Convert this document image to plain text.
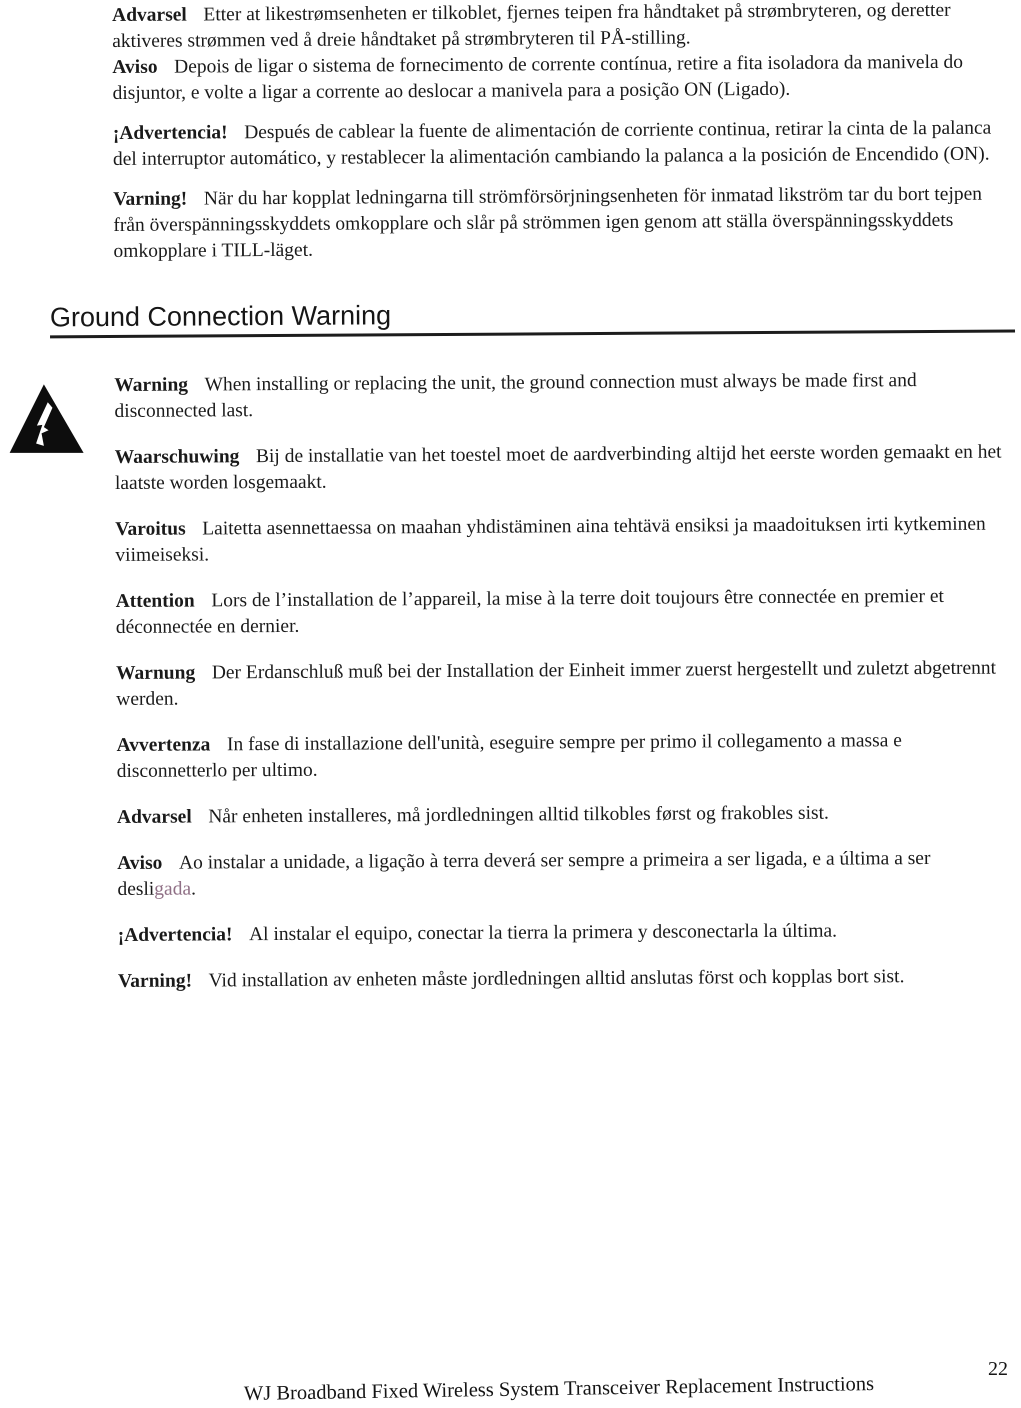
Advarsel Etter at likestrømsenheten er tilkoblet, fjernes teipen fra håndtaket på strømbryteren, og deretter aktiveres strømmen ved å dreie håndtaket på strømbryteren til PÅ-stilling.

Aviso Depois de ligar o sistema de fornecimento de corrente contínua, retire a fita isoladora da manivela do disjuntor, e volte a ligar a corrente ao deslocar a manivela para a posição ON (Ligado).

¡Advertencia! Después de cablear la fuente de alimentación de corriente continua, retirar la cinta de la palanca del interruptor automático, y restablecer la alimentación cambiando la palanca a la posición de Encendido (ON).

Varning! När du har kopplat ledningarna till strömförsörjningsenheten för inmatad likström tar du bort tejpen från överspänningsskyddets omkopplare och slår på strömmen igen genom att ställa överspänningsskyddets omkopplare i TILL-läget.

Ground Connection Warning

Warning When installing or replacing the unit, the ground connection must always be made first and disconnected last.

Waarschuwing Bij de installatie van het toestel moet de aardverbinding altijd het eerste worden gemaakt en het laatste worden losgemaakt.

Varoitus Laitetta asennettaessa on maahan yhdistäminen aina tehtävä ensiksi ja maadoituksen irti kytkeminen viimeiseksi.

Attention Lors de l’installation de l’appareil, la mise à la terre doit toujours être connectée en premier et déconnectée en dernier.

Warnung Der Erdanschluß muß bei der Installation der Einheit immer zuerst hergestellt und zuletzt abgetrennt werden.

Avvertenza In fase di installazione dell'unità, eseguire sempre per primo il collegamento a massa e disconnetterlo per ultimo.

Advarsel Når enheten installeres, må jordledningen alltid tilkobles først og frakobles sist.

Aviso Ao instalar a unidade, a ligação à terra deverá ser sempre a primeira a ser ligada, e a última a ser desligada.

¡Advertencia! Al instalar el equipo, conectar la tierra la primera y desconectarla la última.

Varning! Vid installation av enheten måste jordledningen alltid anslutas först och kopplas bort sist.

22
WJ Broadband Fixed Wireless System Transceiver Replacement Instructions
